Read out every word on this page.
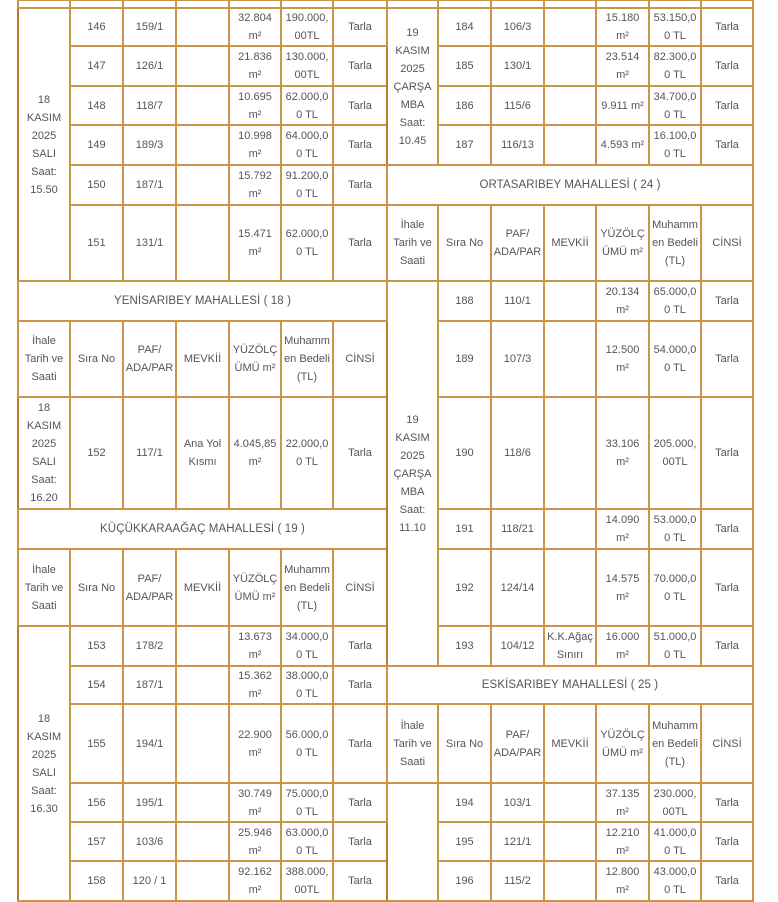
18 KASIM 2025 SALI Saat: 15.50	146	159/1		32.804 m²	190.000,00TL	Tarla	19 KASIM 2025 ÇARŞAMBA Saat: 10.45	184	106/3		15.180 m²	53.150,00 TL	Tarla
	147	126/1		21.836 m²	130.000,00TL	Tarla		185	130/1		23.514 m²	82.300,00 TL	Tarla
	148	118/7		10.695 m²	62.000,00 TL	Tarla		186	115/6		9.911 m²	34.700,00 TL	Tarla
	149	189/3		10.998 m²	64.000,00 TL	Tarla		187	116/13		4.593 m²	16.100,00 TL	Tarla
	150	187/1		15.792 m²	91.200,00 TL	Tarla	ORTASARIBEY MAHALLESİ ( 24 )						
	151	131/1		15.471 m²	62.000,00 TL	Tarla	İhale Tarih ve Saati	Sıra No	PAF/ ADA/PAR	MEVKİİ	YÜZÖLÇÜMÜ m²	Muhammen Bedeli (TL)	CİNSİ
YENİSARIBEY MAHALLESİ ( 18 )							19 KASIM 2025 ÇARŞAMBA Saat: 11.10	188	110/1		20.134 m²	65.000,00 TL	Tarla
İhale Tarih ve Saati	Sıra No	PAF/ ADA/PAR	MEVKİİ	YÜZÖLÇÜMÜ m²	Muhammen Bedeli (TL)	CİNSİ		189	107/3		12.500 m²	54.000,00 TL	Tarla
18 KASIM 2025 SALI Saat: 16.20	152	117/1	Ana Yol Kısmı	4.045,85 m²	22.000,00 TL	Tarla		190	118/6		33.106 m²	205.000,00TL	Tarla
KÜÇÜKKARAAĞAÇ MAHALLESİ ( 19 )								191	118/21		14.090 m²	53.000,00 TL	Tarla
İhale Tarih ve Saati	Sıra No	PAF/ ADA/PAR	MEVKİİ	YÜZÖLÇÜMÜ m²	Muhammen Bedeli (TL)	CİNSİ		192	124/14		14.575 m²	70.000,00 TL	Tarla
18 KASIM 2025 SALI Saat: 16.30	153	178/2		13.673 m²	34.000,00 TL	Tarla		193	104/12	K.K.Ağaç Sınırı	16.000 m²	51.000,00 TL	Tarla
	154	187/1		15.362 m²	38.000,00 TL	Tarla	ESKİSARIBEY MAHALLESİ ( 25 )						
	155	194/1		22.900 m²	56.000,00 TL	Tarla	İhale Tarih ve Saati	Sıra No	PAF/ ADA/PAR	MEVKİİ	YÜZÖLÇÜMÜ m²	Muhammen Bedeli (TL)	CİNSİ
	156	195/1		30.749 m²	75.000,00 TL	Tarla		194	103/1		37.135 m²	230.000,00TL	Tarla
	157	103/6		25.946 m²	63.000,00 TL	Tarla		195	121/1		12.210 m²	41.000,00 TL	Tarla
	158	120 / 1		92.162 m²	388.000,00TL	Tarla		196	115/2		12.800 m²	43.000,00 TL	Tarla
